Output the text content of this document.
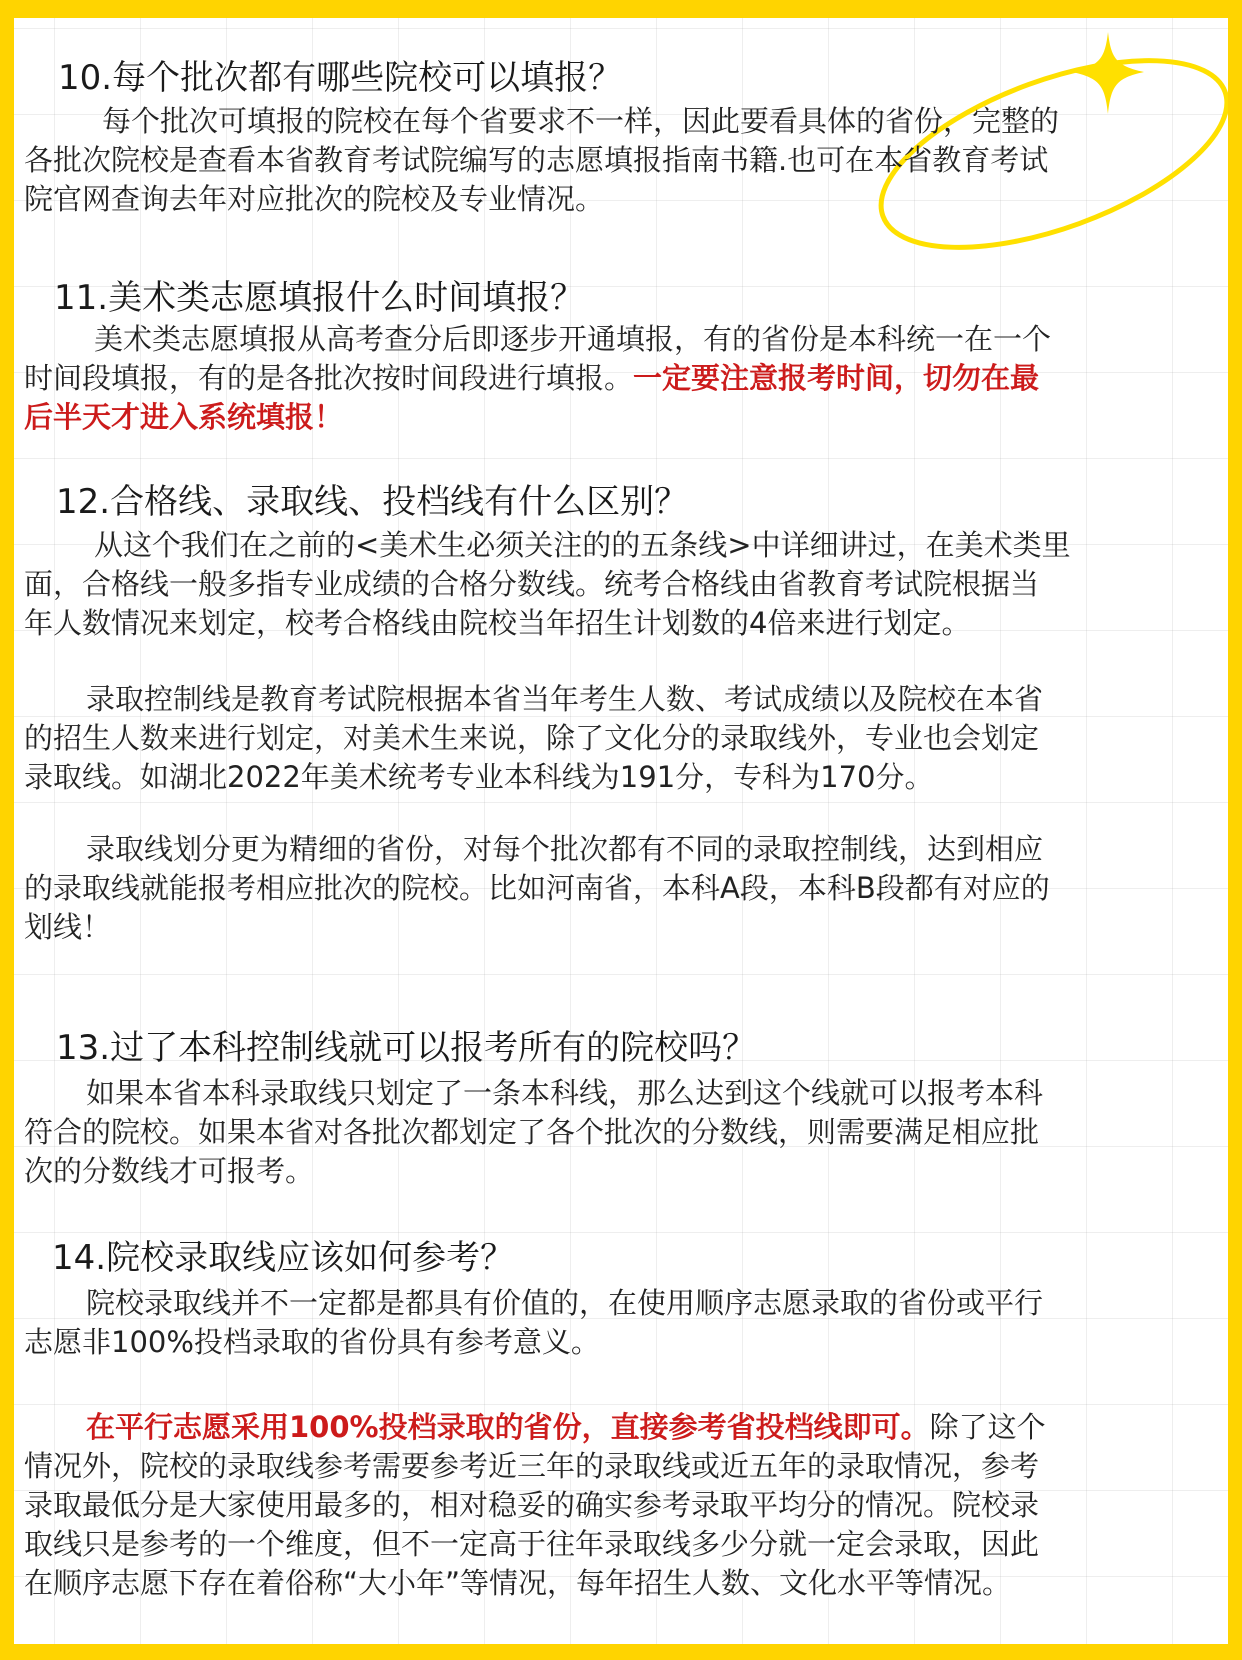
10.每个批次都有哪些院校可以填报？

每个批次可填报的院校在每个省要求不一样，因此要看具体的省份，完整的
各批次院校是查看本省教育考试院编写的志愿填报指南书籍.也可在本省教育考试
院官网查询去年对应批次的院校及专业情况。

11.美术类志愿填报什么时间填报？

美术类志愿填报从高考查分后即逐步开通填报，有的省份是本科统一在一个
时间段填报，有的是各批次按时间段进行填报。一定要注意报考时间，切勿在最
后半天才进入系统填报！

12.合格线、录取线、投档线有什么区别？

从这个我们在之前的<美术生必须关注的的五条线>中详细讲过，在美术类里
面，合格线一般多指专业成绩的合格分数线。统考合格线由省教育考试院根据当
年人数情况来划定，校考合格线由院校当年招生计划数的4倍来进行划定。

录取控制线是教育考试院根据本省当年考生人数、考试成绩以及院校在本省
的招生人数来进行划定，对美术生来说，除了文化分的录取线外，专业也会划定
录取线。如湖北2022年美术统考专业本科线为191分，专科为170分。

录取线划分更为精细的省份，对每个批次都有不同的录取控制线，达到相应
的录取线就能报考相应批次的院校。比如河南省，本科A段，本科B段都有对应的
划线！

13.过了本科控制线就可以报考所有的院校吗？

如果本省本科录取线只划定了一条本科线，那么达到这个线就可以报考本科
符合的院校。如果本省对各批次都划定了各个批次的分数线，则需要满足相应批
次的分数线才可报考。

14.院校录取线应该如何参考？

院校录取线并不一定都是都具有价值的，在使用顺序志愿录取的省份或平行
志愿非100%投档录取的省份具有参考意义。

在平行志愿采用100%投档录取的省份，直接参考省投档线即可。除了这个
情况外，院校的录取线参考需要参考近三年的录取线或近五年的录取情况，参考
录取最低分是大家使用最多的，相对稳妥的确实参考录取平均分的情况。院校录
取线只是参考的一个维度，但不一定高于往年录取线多少分就一定会录取，因此
在顺序志愿下存在着俗称“大小年”等情况，每年招生人数、文化水平等情况。
